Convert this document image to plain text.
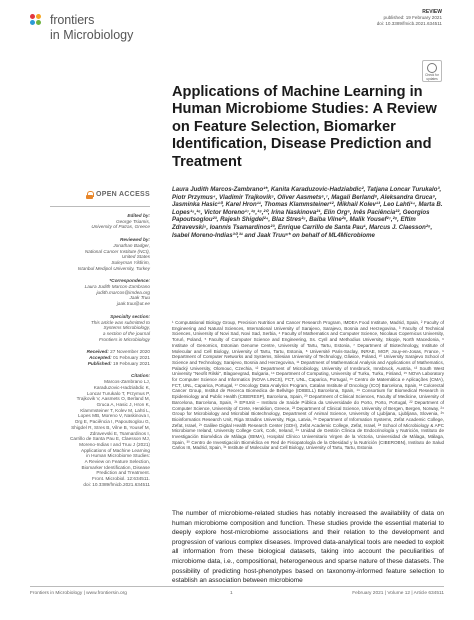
frontiers
in Microbiology
REVIEW
published: 19 February 2021
doi: 10.3389/fmicb.2021.634511
Check for updates
Applications of Machine Learning in Human Microbiome Studies: A Review on Feature Selection, Biomarker Identification, Disease Prediction and Treatment
Laura Judith Marcos-Zambrano¹*, Kanita Karaduzovic-Hadziabdic², Tatjana Loncar Turukalo³, Piotr Przymus⁴, Vladimir Trajkovik⁵, Oliver Aasmets⁶,⁷, Magali Berland⁸, Aleksandra Gruca⁹, Jasminka Hasic¹⁰, Karel Hron¹¹, Thomas Klammsteiner¹², Mikhail Kolev¹³, Leo Lahti¹⁴, Marta B. Lopes¹⁵,¹⁶, Victor Moreno¹⁷,¹⁸,¹⁹,²⁰, Irina Naskinova²¹, Elin Org⁶, Inês Paciência²², Georgios Papoutsoglou²³, Rajesh Shigdel²⁴, Blaz Stres²⁵, Baiba Vilne²⁶, Malik Yousef²⁷,²⁸, Eftim Zdravevski⁵, Ioannis Tsamardinos²³, Enrique Carrillo de Santa Pau¹, Marcus J. Claesson²⁹, Isabel Moreno-Indias³⁰,³¹ and Jaak Truu⁶* on behalf of ML4Microbiome
¹ Computational Biology Group, Precision Nutrition and Cancer Research Program, IMDEA Food Institute, Madrid, Spain, ² Faculty of Engineering and Natural Sciences, International University of Sarajevo, Sarajevo, Bosnia and Herzegovina, ³ Faculty of Technical Sciences, University of Novi Sad, Novi Sad, Serbia, ⁴ Faculty of Mathematics and Computer Science, Nicolaus Copernicus University, Toruń, Poland, ⁵ Faculty of Computer Science and Engineering, Ss. Cyril and Methodius University, Skopje, North Macedonia, ⁶ Institute of Genomics, Estonian Genome Centre, University of Tartu, Tartu, Estonia, ⁷ Department of Biotechnology, Institute of Molecular and Cell Biology, University of Tartu, Tartu, Estonia, ⁸ Université Paris-Saclay, INRAE, MGP, Jouy-en-Josas, France, ⁹ Department of Computer Networks and Systems, Silesian University of Technology, Gliwice, Poland, ¹⁰ University Sarajevo School of Science and Technology, Sarajevo, Bosnia and Herzegovina, ¹¹ Department of Mathematical Analysis and Applications of Mathematics, Palacký University, Olomouc, Czechia, ¹² Department of Microbiology, University of Innsbruck, Innsbruck, Austria, ¹³ South West University "Neofit Rilski", Blagoevgrad, Bulgaria, ¹⁴ Department of Computing, University of Turku, Turku, Finland, ¹⁵ NOVA Laboratory for Computer Science and Informatics (NOVA LINCS), FCT, UNL, Caparica, Portugal, ¹⁶ Centro de Matemática e Aplicações (CMA), FCT, UNL, Caparica, Portugal, ¹⁷ Oncology Data Analytics Program, Catalan Institute of Oncology (ICO) Barcelona, Spain, ¹⁸ Colorectal Cancer Group, Institut de Recerca Biomedica de Bellvitge (IDIBELL) Barcelona, Spain, ¹⁹ Consortium for Biomedical Research in Epidemiology and Public Health (CIBERESP), Barcelona, Spain, ²⁰ Department of Clinical Sciences, Faculty of Medicine, University of Barcelona, Barcelona, Spain, ²¹ EPIUnit – Instituto de Saúde Pública da Universidade do Porto, Porto, Portugal, ²² Department of Computer Science, University of Crete, Heraklion, Greece, ²³ Department of Clinical Science, University of Bergen, Bergen, Norway, ²⁴ Group for Microbiology and Microbial Biotechnology, Department of Animal Science, University of Ljubljana, Ljubljana, Slovenia, ²⁵ Bioinformatics Research Unit, Riga Stradins University, Riga, Latvia, ²⁶ Department of Information Systems, Zefat Academic College, Zefat, Israel, ²⁷ Galilee Digital Health Research Center (GDH), Zefat Academic College, Zefat, Israel, ²⁸ School of Microbiology & APC Microbiome Ireland, University College Cork, Cork, Ireland, ²⁹ Unidad de Gestión Clínica de Endocrinología y Nutrición, Instituto de Investigación Biomédica de Málaga (IBIMA), Hospital Clínico Universitario Virgen de la Victoria, Universidad de Málaga, Málaga, Spain, ³⁰ Centro de Investigación Biomédica en Red de Fisiopatología de la Obesidad y la Nutrición (CIBEROBN), Instituto de Salud Carlos III, Madrid, Spain, ³¹ Institute of Molecular and Cell Biology, University of Tartu, Tartu, Estonia
The number of microbiome-related studies has notably increased the availability of data on human microbiome composition and function. These studies provide the essential material to deeply explore host-microbiome associations and their relation to the development and progression of various complex diseases. Improved data-analytical tools are needed to exploit all information from these biological datasets, taking into account the peculiarities of microbiome data, i.e., compositional, heterogeneous and sparse nature of these datasets. The possibility of predicting host-phenotypes based on taxonomy-informed feature selection to establish an association between microbiome
OPEN ACCESS
Edited by:
George Tsiamis,
University of Patras, Greece
Reviewed by:
Jonathan Badger,
National Cancer Institute (NCI),
United States
Suleyman Yildirim,
Istanbul Medipol University, Turkey
*Correspondence:
Laura Judith Marcos-Zambrano
judith.marcos@imdea.org
Jaak Truu
jaak.truu@ut.ee
Specialty section:
This article was submitted to
Systems Microbiology,
a section of the journal
Frontiers in Microbiology
Received: 27 November 2020
Accepted: 01 February 2021
Published: 19 February 2021
Citation:
Marcos-Zambrano LJ,
Karaduzovic-Hadziabdic K,
Loncar Turukalo T, Przymus P,
Trajkovik V, Aasmets O, Berland M,
Gruca A, Hasic J, Hron K,
Klammsteiner T, Kolev M, Lahti L,
Lopes MB, Moreno V, Naskinova I,
Org E, Paciência I, Papoutsoglou G,
Shigdel R, Stres B, Vilne B, Yousef M,
Zdravevski E, Tsamardinos I,
Carrillo de Santa Pau E, Claesson MJ,
Moreno-Indias I and Truu J (2021)
Applications of Machine Learning
in Human Microbiome Studies:
A Review on Feature Selection,
Biomarker Identification, Disease
Prediction and Treatment.
Front. Microbiol. 12:634511.
doi: 10.3389/fmicb.2021.634511
Frontiers in Microbiology | www.frontiersin.org	1	February 2021 | Volume 12 | Article 634511
